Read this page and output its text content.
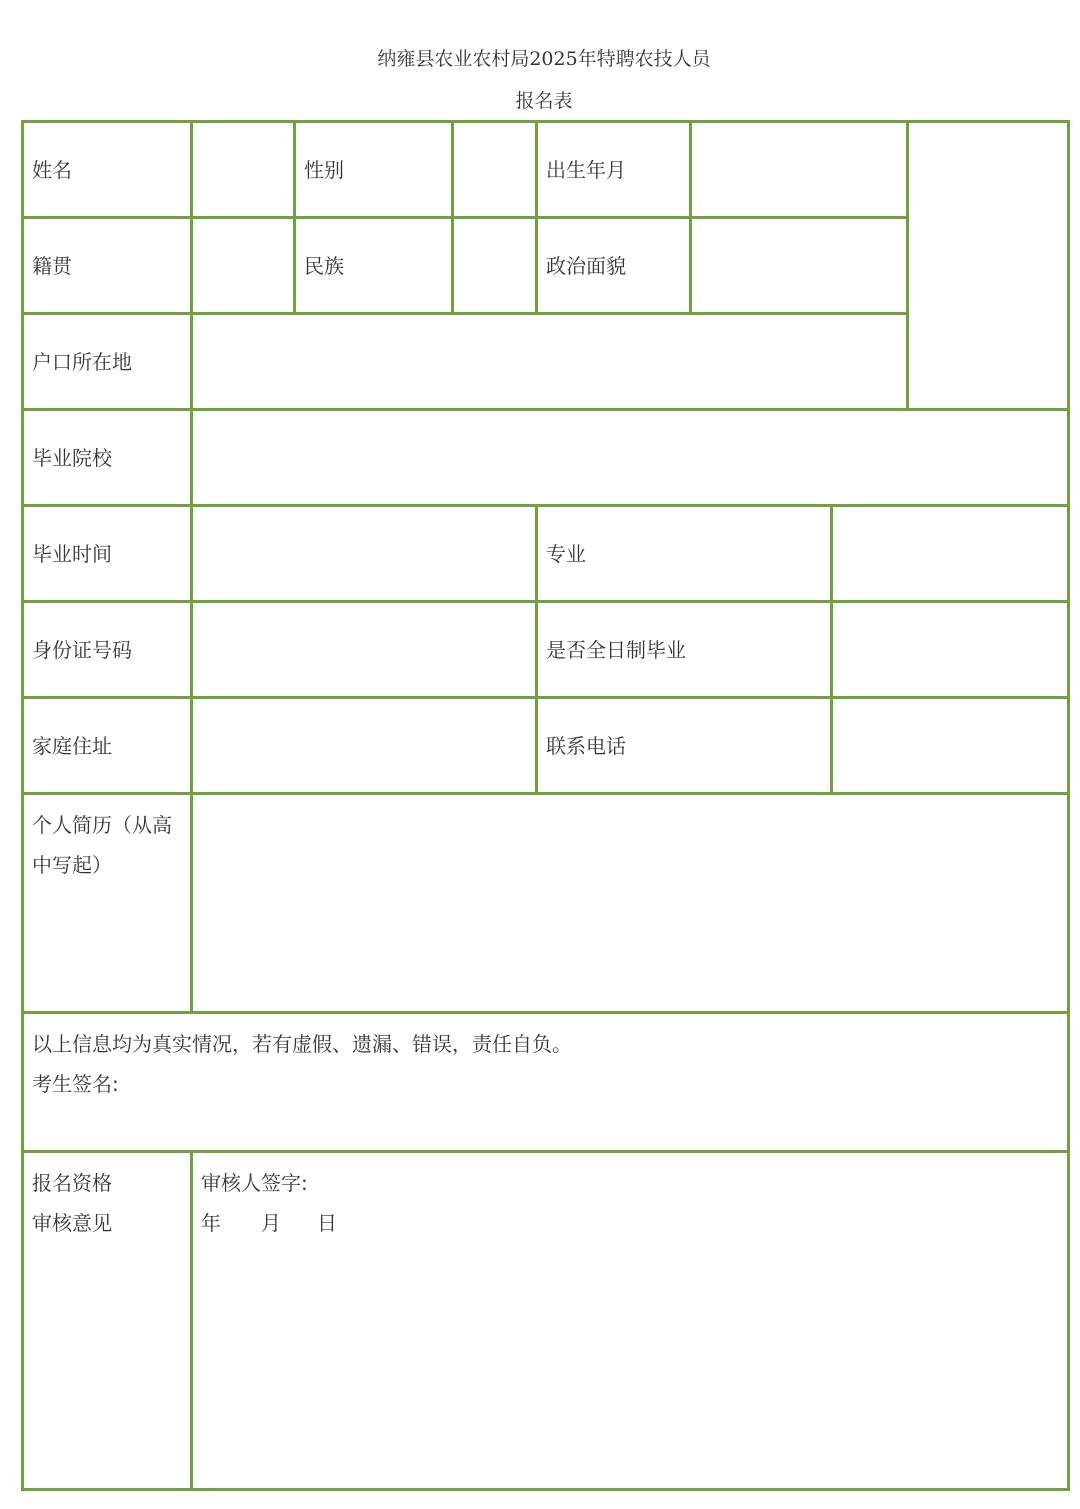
纳雍县农业农村局2025年特聘农技人员
报名表
姓名		性别		出生年月			
籍贯		民族		政治面貌			
户口所在地							
毕业院校							
毕业时间				专业			
身份证号码				是否全日制毕业			
家庭住址				联系电话			
个人简历（从高中写起）							

以上信息均为真实情况，若有虚假、遗漏、错误，责任自负。
考生签名:							

报名资格
审核意见	审核人签字:
年 月 日						
